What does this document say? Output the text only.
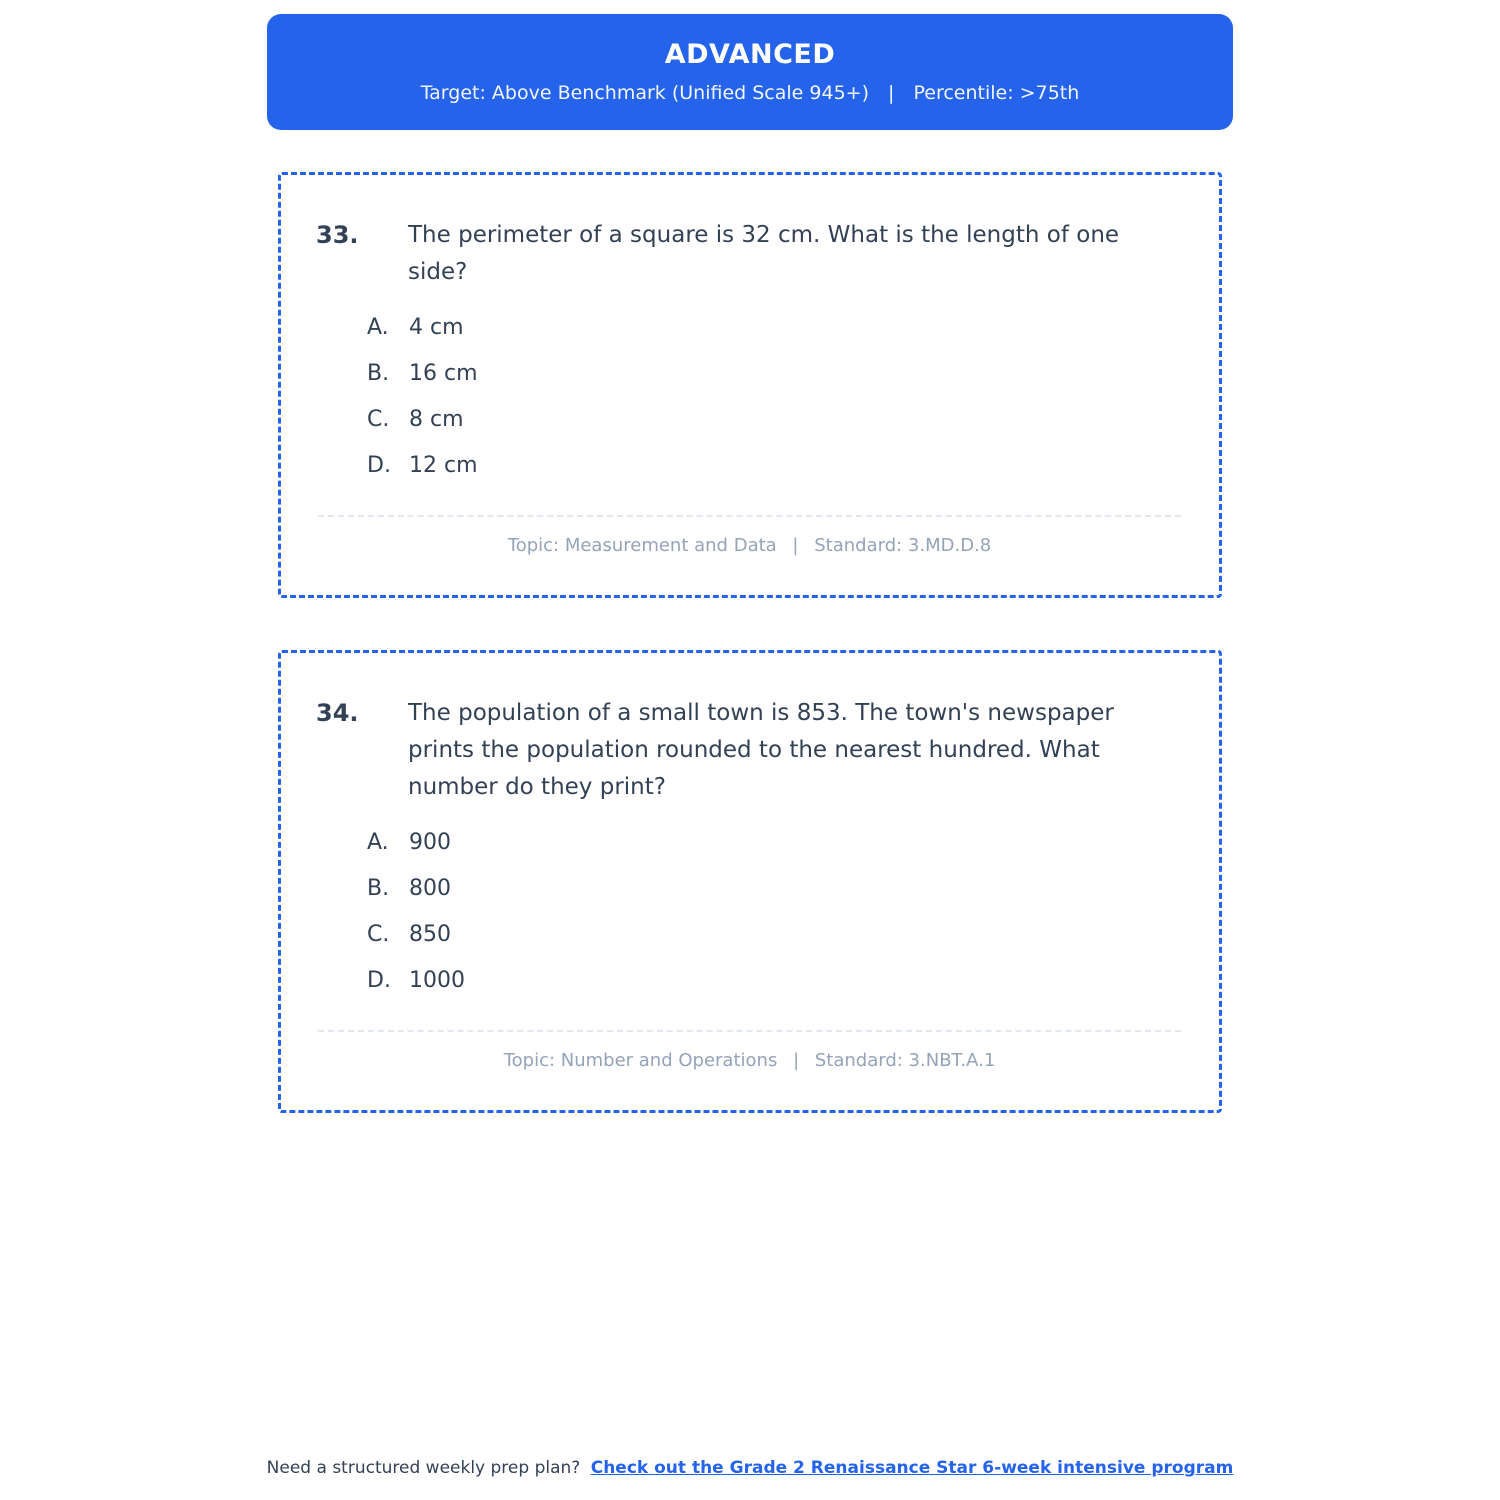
ADVANCED
Target: Above Benchmark (Unified Scale 945+) | Percentile: >75th
33.	The perimeter of a square is 32 cm. What is the length of one side?

A. 4 cm
B. 16 cm
C. 8 cm
D. 12 cm

Topic: Measurement and Data | Standard: 3.MD.D.8

34.	The population of a small town is 853. The town's newspaper prints the population rounded to the nearest hundred. What number do they print?

A. 900
B. 800
C. 850
D. 1000

Topic: Number and Operations | Standard: 3.NBT.A.1

Need a structured weekly prep plan? Check out the Grade 2 Renaissance Star 6-week intensive program
